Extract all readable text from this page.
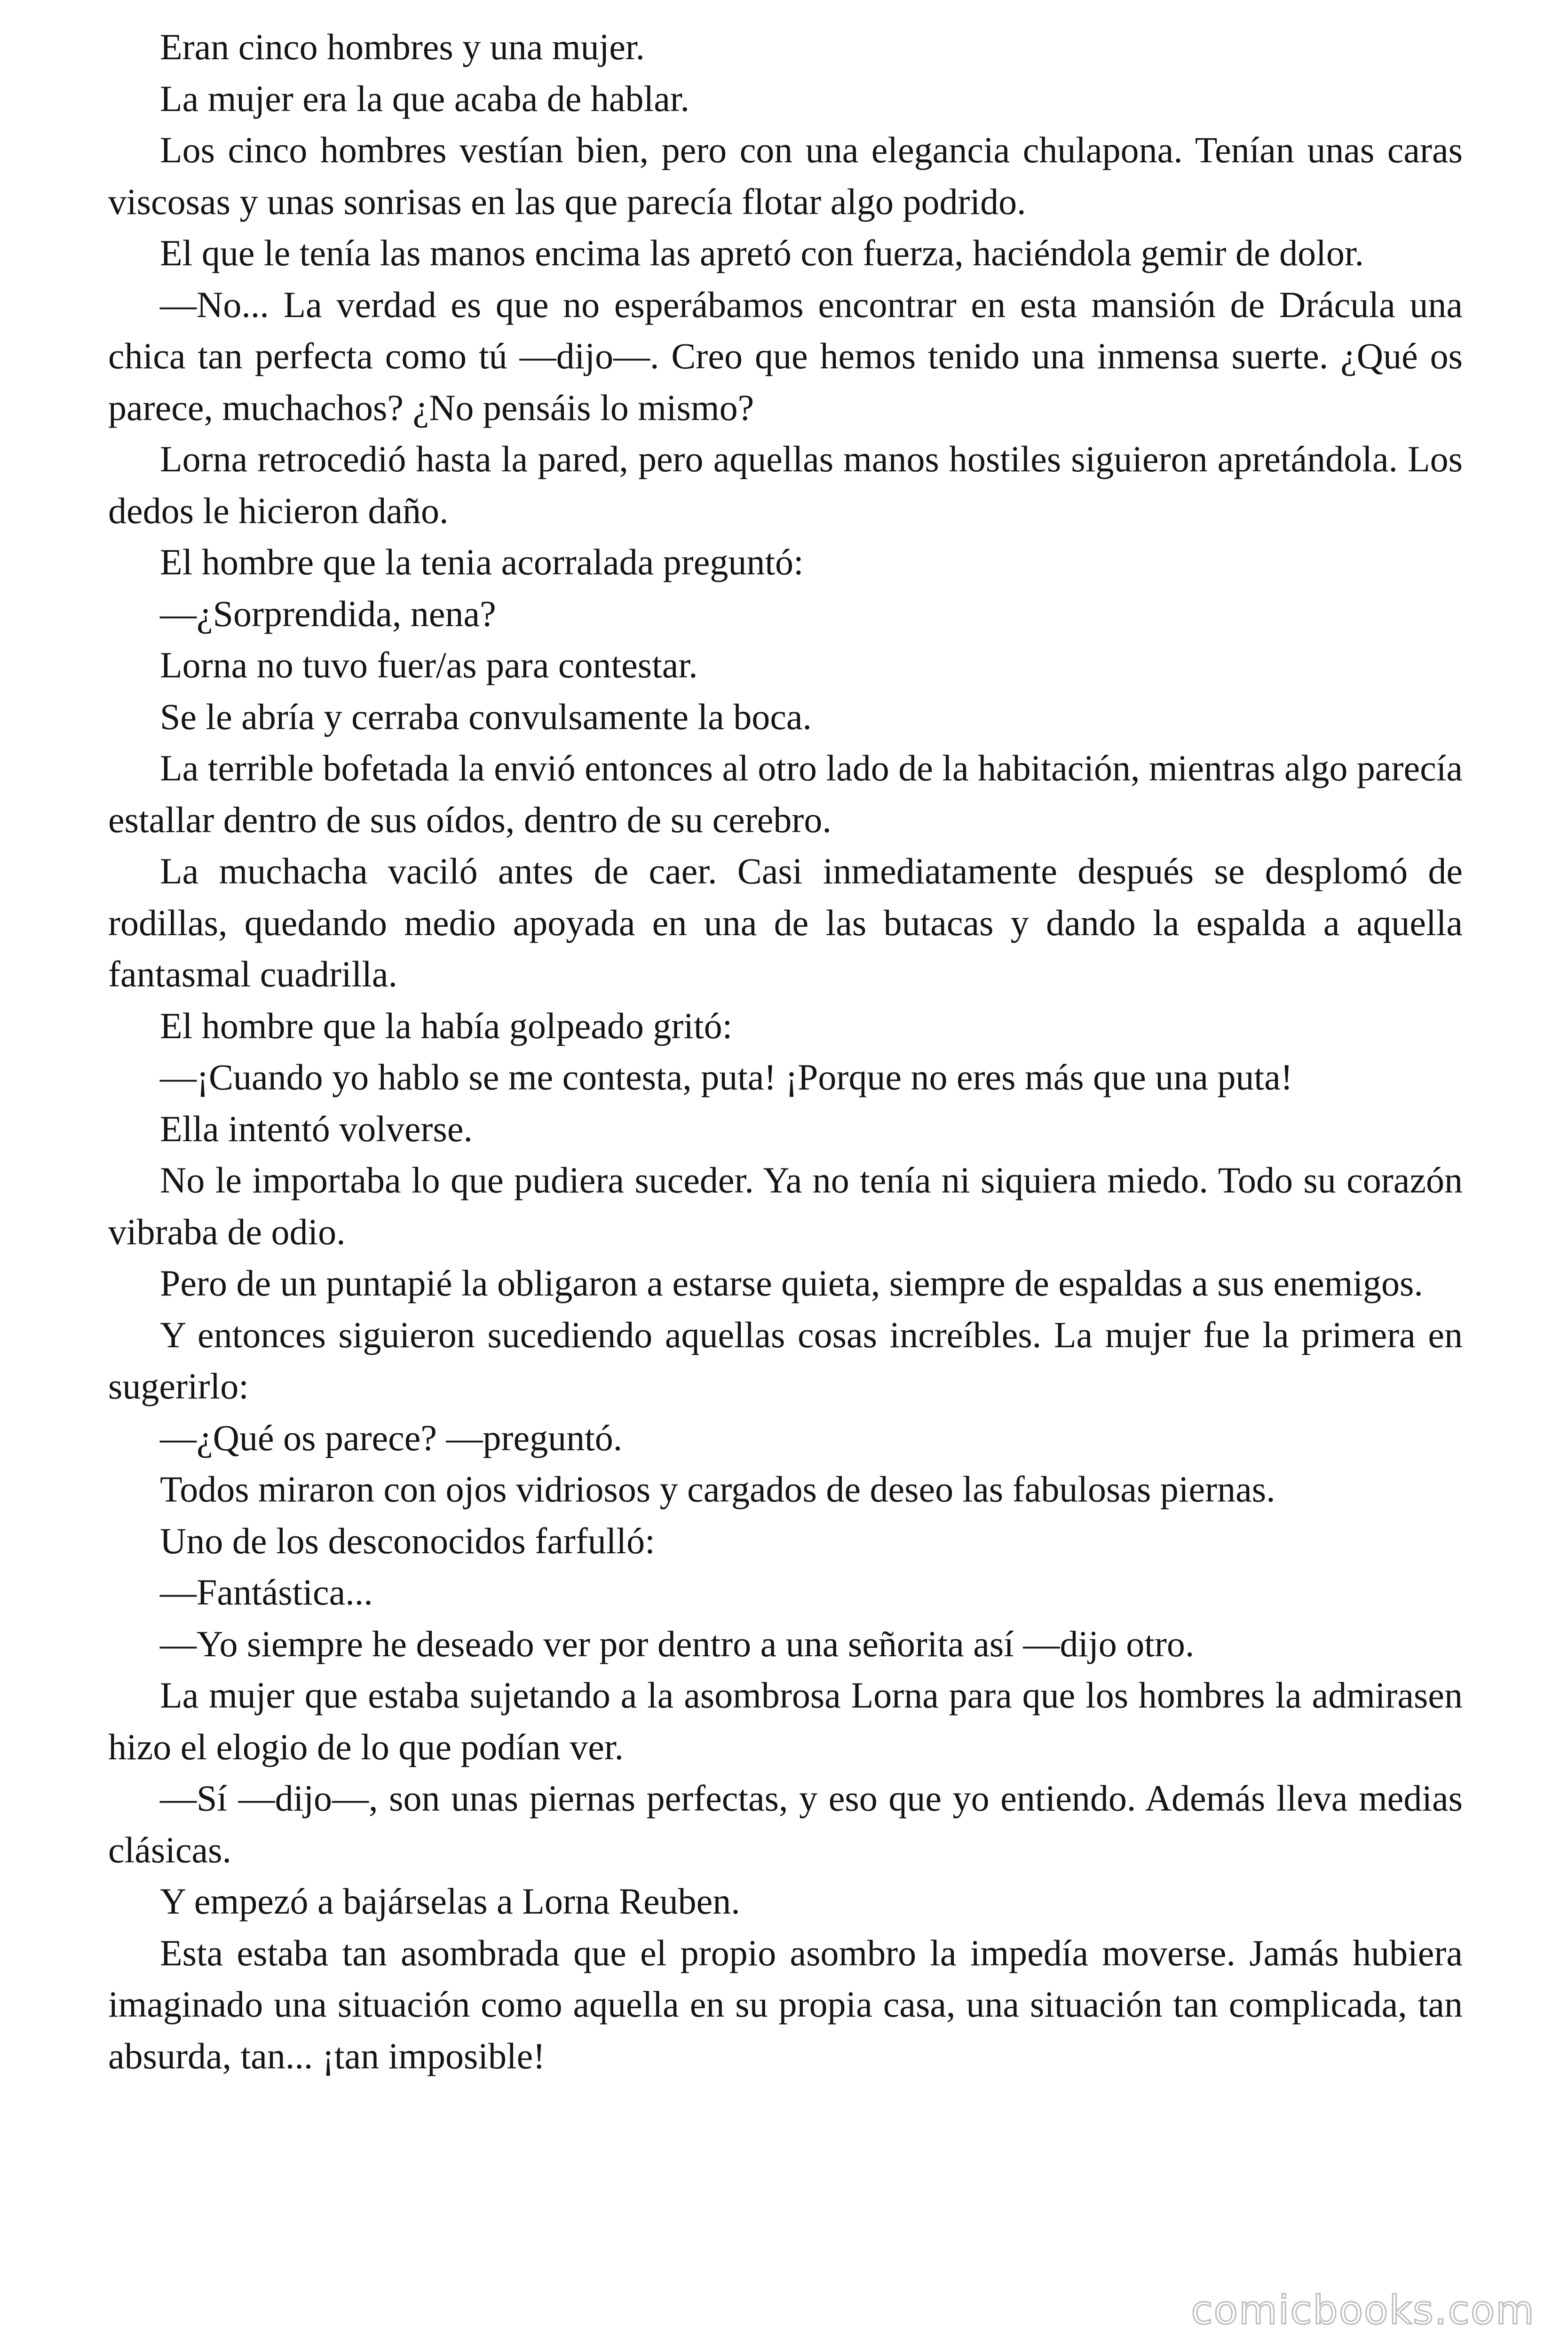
Eran cinco hombres y una mujer.

La mujer era la que acaba de hablar.

Los cinco hombres vestían bien, pero con una elegancia chulapona. Tenían unas caras viscosas y unas sonrisas en las que parecía flotar algo podrido.

El que le tenía las manos encima las apretó con fuerza, haciéndola gemir de dolor.

—No... La verdad es que no esperábamos encontrar en esta mansión de Drácula una chica tan perfecta como tú —dijo—. Creo que hemos tenido una inmensa suerte. ¿Qué os parece, muchachos? ¿No pensáis lo mismo?

Lorna retrocedió hasta la pared, pero aquellas manos hostiles siguieron apretándola. Los dedos le hicieron daño.

El hombre que la tenia acorralada preguntó:

—¿Sorprendida, nena?

Lorna no tuvo fuer/as para contestar.

Se le abría y cerraba convulsamente la boca.

La terrible bofetada la envió entonces al otro lado de la habitación, mientras algo parecía estallar dentro de sus oídos, dentro de su cerebro.

La muchacha vaciló antes de caer. Casi inmediatamente después se desplomó de rodillas, quedando medio apoyada en una de las butacas y dando la espalda a aquella fantasmal cuadrilla.

El hombre que la había golpeado gritó:

—¡Cuando yo hablo se me contesta, puta! ¡Porque no eres más que una puta!

Ella intentó volverse.

No le importaba lo que pudiera suceder. Ya no tenía ni siquiera miedo. Todo su corazón vibraba de odio.

Pero de un puntapié la obligaron a estarse quieta, siempre de espaldas a sus enemigos.

Y entonces siguieron sucediendo aquellas cosas increíbles. La mujer fue la primera en sugerirlo:

—¿Qué os parece? —preguntó.

Todos miraron con ojos vidriosos y cargados de deseo las fabulosas piernas.

Uno de los desconocidos farfulló:

—Fantástica...

—Yo siempre he deseado ver por dentro a una señorita así —dijo otro.

La mujer que estaba sujetando a la asombrosa Lorna para que los hombres la admirasen hizo el elogio de lo que podían ver.

—Sí —dijo—, son unas piernas perfectas, y eso que yo entiendo. Además lleva medias clásicas.

Y empezó a bajárselas a Lorna Reuben.

Esta estaba tan asombrada que el propio asombro la impedía moverse. Jamás hubiera imaginado una situación como aquella en su propia casa, una situación tan complicada, tan absurda, tan... ¡tan imposible!

comicbooks.com
